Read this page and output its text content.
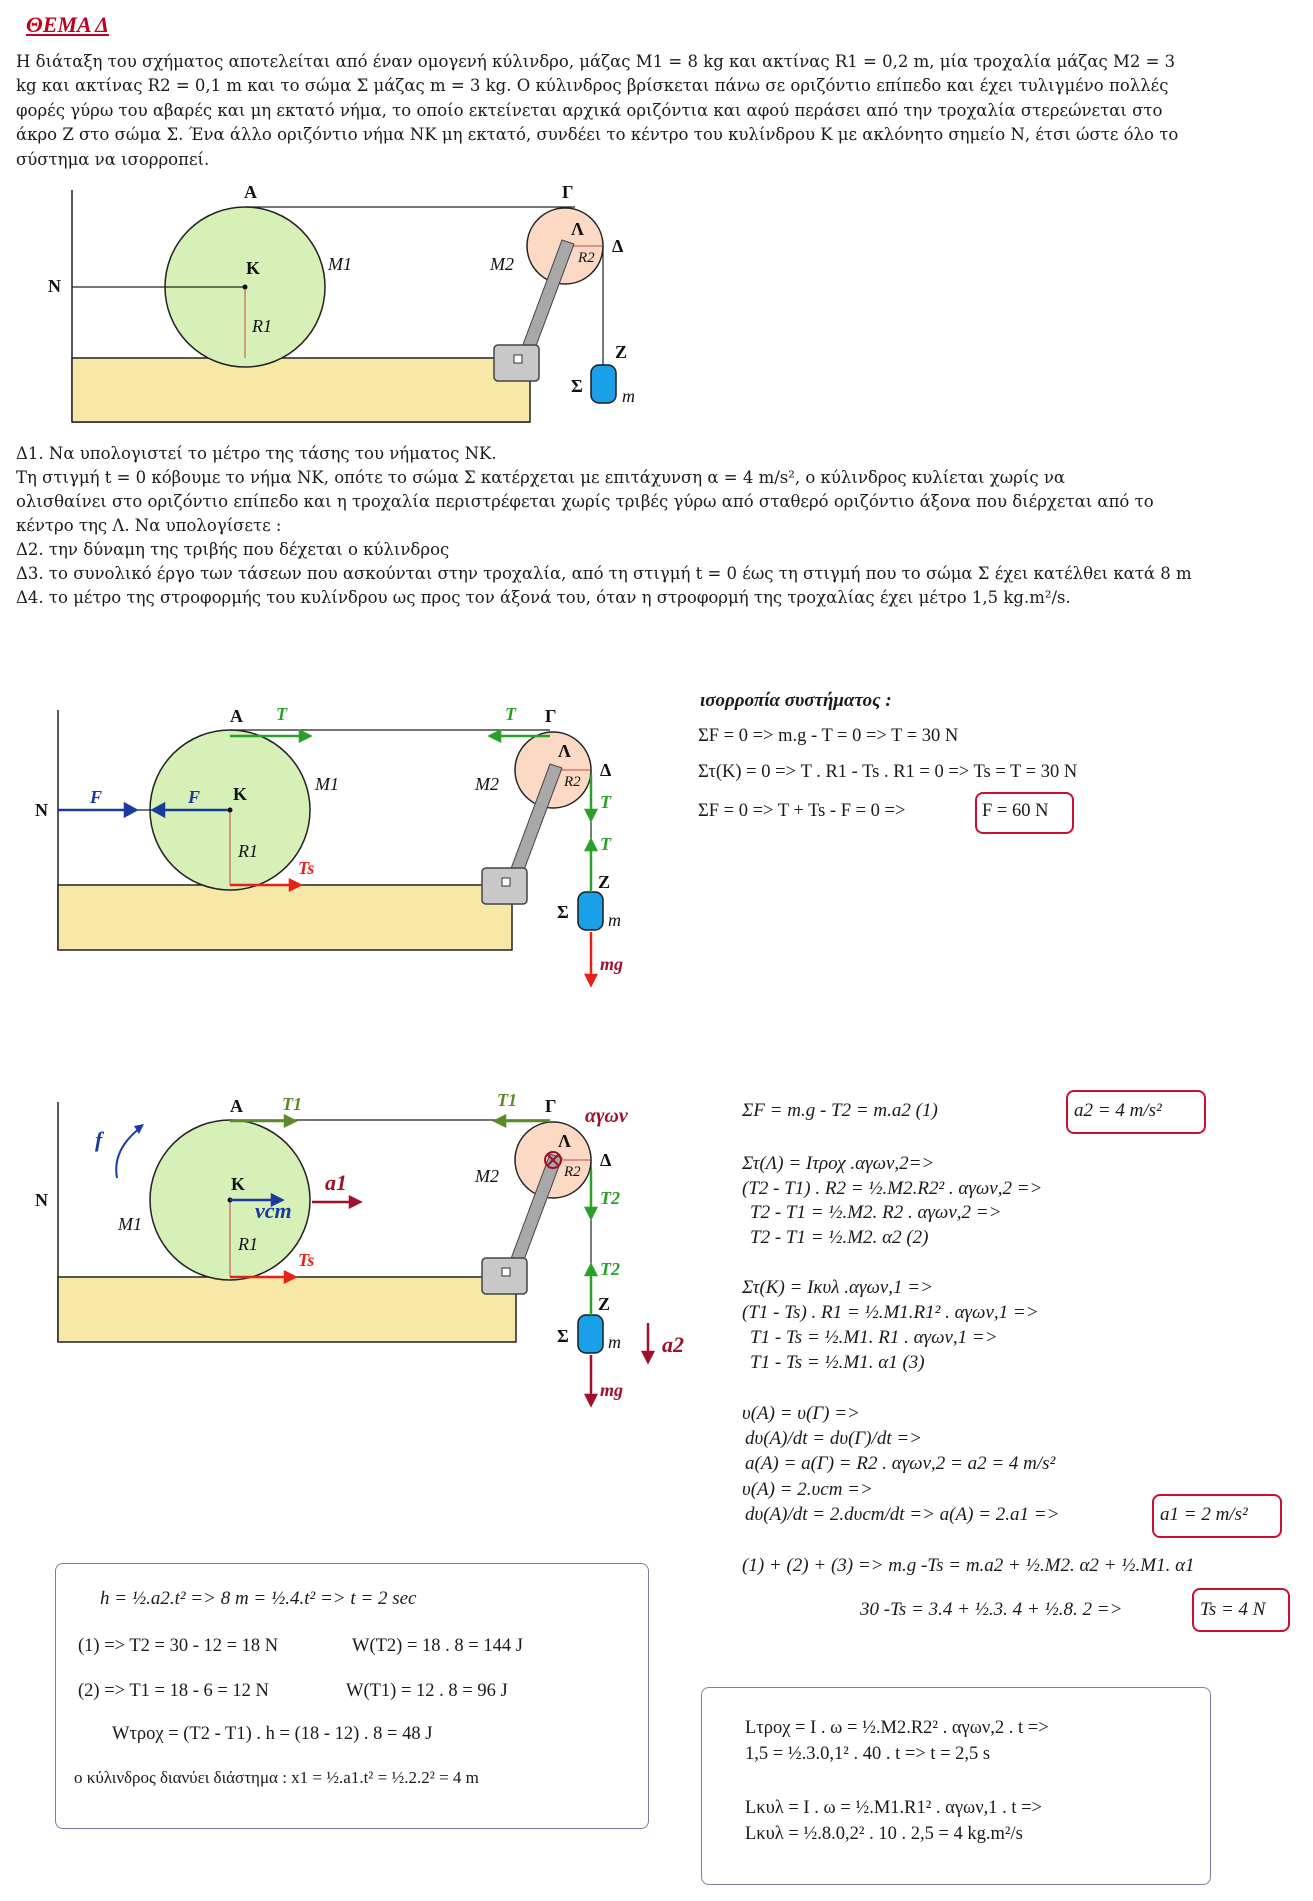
ΘΕΜΑ Δ
Η διάταξη του σχήματος αποτελείται από έναν ομογενή κύλινδρο, μάζας Μ1 = 8 kg και ακτίνας R1 = 0,2 m, μία τροχαλία μάζας Μ2 = 3 kg και ακτίνας R2 = 0,1 m και το σώμα Σ μάζας m = 3 kg. Ο κύλινδρος βρίσκεται πάνω σε οριζόντιο επίπεδο και έχει τυλιγμένο πολλές φορές γύρω του αβαρές και μη εκτατό νήμα, το οποίο εκτείνεται αρχικά οριζόντια και αφού περάσει από την τροχαλία στερεώνεται στο άκρο Ζ στο σώμα Σ. Ένα άλλο οριζόντιο νήμα ΝΚ μη εκτατό, συνδέει το κέντρο του κυλίνδρου Κ με ακλόνητο σημείο Ν, έτσι ώστε όλο το σύστημα να ισορροπεί.
Δ1. Να υπολογιστεί το μέτρο της τάσης του νήματος ΝΚ.
Τη στιγμή t = 0 κόβουμε το νήμα ΝΚ, οπότε το σώμα Σ κατέρχεται με επιτάχυνση α = 4 m/s², ο κύλινδρος κυλίεται χωρίς να
ολισθαίνει στο οριζόντιο επίπεδο και η τροχαλία περιστρέφεται χωρίς τριβές γύρω από σταθερό οριζόντιο άξονα που διέρχεται από το
κέντρο της Λ. Να υπολογίσετε :
Δ2. την δύναμη της τριβής που δέχεται ο κύλινδρος
Δ3. το συνολικό έργο των τάσεων που ασκούνται στην τροχαλία, από τη στιγμή t = 0 έως τη στιγμή που το σώμα Σ έχει κατέλθει κατά 8 m
Δ4. το μέτρο της στροφορμής του κυλίνδρου ως προς τον άξονά του, όταν η στροφορμή της τροχαλίας έχει μέτρο 1,5 kg.m²/s.
Α	Γ
Λ
Δ
Κ
Ν
Ζ
Σ
Μ1	Μ2
R1
R2
m
Α	Γ
Λ
Δ
Κ
Ν
Ζ
Σ
Μ1	Μ2
R1
R2
m
T	T
T
T
F	F
Ts
mg
ισορροπία συστήματος :
ΣF = 0 => m.g - T = 0 => T = 30 N
Στ(Κ) = 0 => T . R1 - Ts . R1 = 0 => Ts = T = 30 N
ΣF = 0 => T + Ts - F = 0 =>	F = 60 N
Α	Γ
Λ
Δ
Κ
Ν
Ζ
Σ
Μ1
Μ2
R1
R2
m
T1	T1
T2
T2
vcm
a1
Ts
mg
a2
f
αγων	ΣF = m.g - T2 = m.a2 (1)	a2 = 4 m/s²
Στ(Λ) = Ιτροχ .αγων,2=>
(T2 - T1) . R2 = ½.M2.R2² . αγων,2 =>
T2 - T1 = ½.M2. R2 . αγων,2 =>
T2 - T1 = ½.M2. α2 (2)
Στ(Κ) = Ικυλ .αγων,1 =>
(T1 - Ts) . R1 = ½.M1.R1² . αγων,1 =>
T1 - Ts = ½.M1. R1 . αγων,1 =>
T1 - Ts = ½.M1. α1 (3)
υ(Α) = υ(Γ) =>
dυ(Α)/dt = dυ(Γ)/dt =>
a(Α) = a(Γ) = R2 . αγων,2 = a2 = 4 m/s²
υ(Α) = 2.υcm =>
dυ(Α)/dt = 2.dυcm/dt => a(Α) = 2.a1 =>	a1 = 2 m/s²
(1) + (2) + (3) => m.g -Ts = m.a2 + ½.M2. α2 + ½.M1. α1
30 -Ts = 3.4 + ½.3. 4 + ½.8. 2 =>	Ts = 4 N
h = ½.a2.t² => 8 m = ½.4.t² => t = 2 sec
(1) => T2 = 30 - 12 = 18 N	W(T2) = 18 . 8 = 144 J
(2) => T1 = 18 - 6 = 12 N	W(T1) = 12 . 8 = 96 J
Wτροχ = (T2 - T1) . h = (18 - 12) . 8 = 48 J
ο κύλινδρος διανύει διάστημα : x1 = ½.a1.t² = ½.2.2² = 4 m
Lτροχ = Ι . ω = ½.M2.R2² . αγων,2 . t =>
1,5 = ½.3.0,1² . 40 . t => t = 2,5 s
Lκυλ = Ι . ω = ½.M1.R1² . αγων,1 . t =>
Lκυλ = ½.8.0,2² . 10 . 2,5 = 4 kg.m²/s
